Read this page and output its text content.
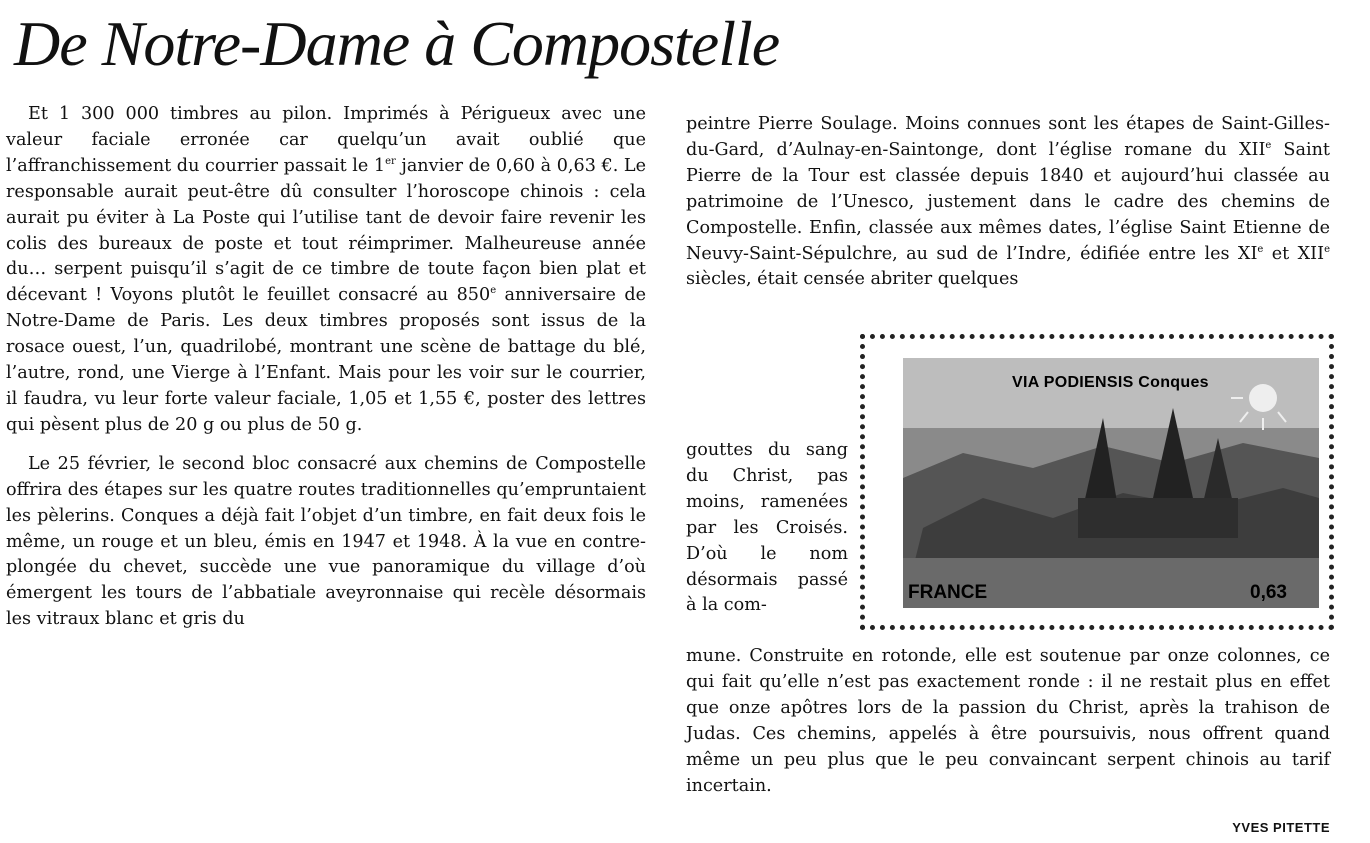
De Notre-Dame à Compostelle

Et 1 300 000 timbres au pilon. Imprimés à Périgueux avec une valeur faciale erronée car quelqu’un avait oublié que l’affranchissement du courrier passait le 1er janvier de 0,60 à 0,63 €. Le responsable aurait peut-être dû consulter l’horoscope chinois : cela aurait pu éviter à La Poste qui l’utilise tant de devoir faire revenir les colis des bureaux de poste et tout réimprimer. Malheureuse année du… serpent puisqu’il s’agit de ce timbre de toute façon bien plat et décevant ! Voyons plutôt le feuillet consacré au 850e anniversaire de Notre-Dame de Paris. Les deux timbres proposés sont issus de la rosace ouest, l’un, quadrilobé, montrant une scène de battage du blé, l’autre, rond, une Vierge à l’Enfant. Mais pour les voir sur le courrier, il faudra, vu leur forte valeur faciale, 1,05 et 1,55 €, poster des lettres qui pèsent plus de 20 g ou plus de 50 g.

Le 25 février, le second bloc consacré aux chemins de Compostelle offrira des étapes sur les quatre routes traditionnelles qu’empruntaient les pèlerins. Conques a déjà fait l’objet d’un timbre, en fait deux fois le même, un rouge et un bleu, émis en 1947 et 1948. À la vue en contre-plongée du chevet, succède une vue panoramique du village d’où émergent les tours de l’abbatiale aveyronnaise qui recèle désormais les vitraux blanc et gris du

peintre Pierre Soulage. Moins connues sont les étapes de Saint-Gilles-du-Gard, d’Aulnay-en-Saintonge, dont l’église romane du XIIe Saint Pierre de la Tour est classée depuis 1840 et aujourd’hui classée au patrimoine de l’Unesco, justement dans le cadre des chemins de Compostelle. Enfin, classée aux mêmes dates, l’église Saint Etienne de Neuvy-Saint-Sépulchre, au sud de l’Indre, édifiée entre les XIe et XIIe siècles, était censée abriter quelques

gouttes du sang du Christ, pas moins, ramenées par les Croisés. D’où le nom désormais passé à la com-

VIA PODIENSIS Conques
FRANCE	0,63

mune. Construite en rotonde, elle est soutenue par onze colonnes, ce qui fait qu’elle n’est pas exactement ronde : il ne restait plus en effet que onze apôtres lors de la passion du Christ, après la trahison de Judas. Ces chemins, appelés à être poursuivis, nous offrent quand même un peu plus que le peu convaincant serpent chinois au tarif incertain.

YVES PITETTE
